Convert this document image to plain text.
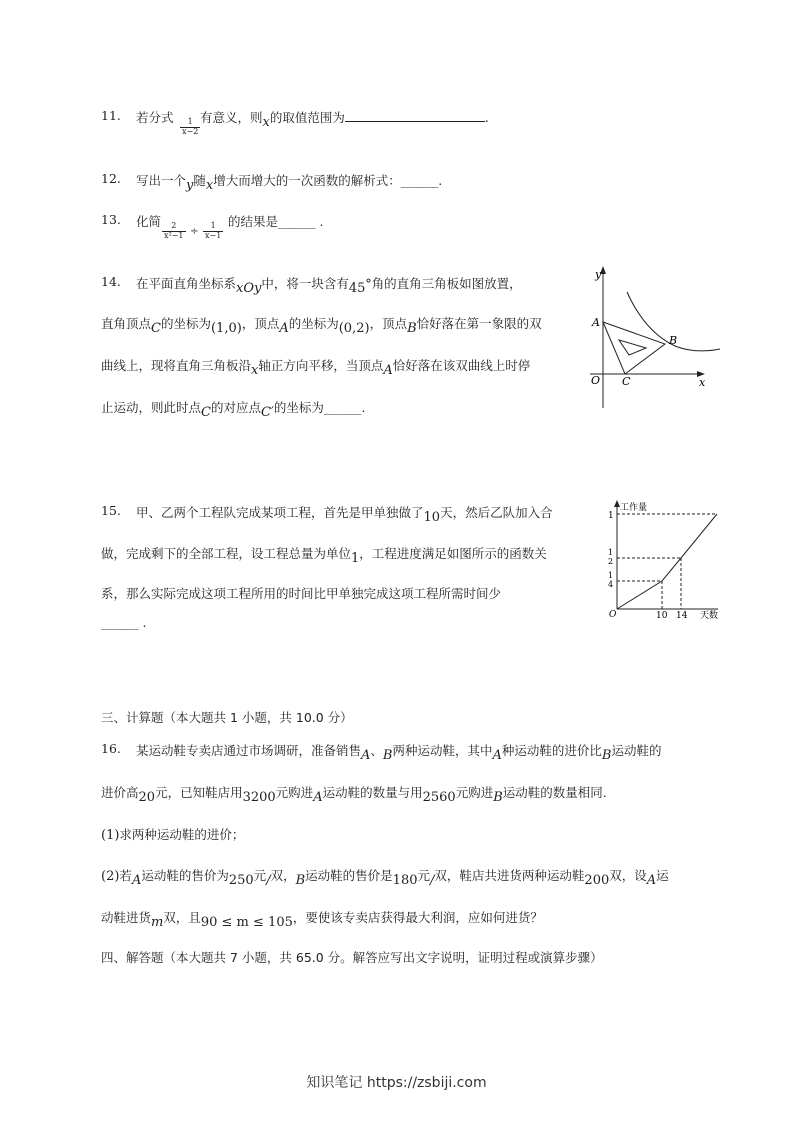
11. 若分式
$\frac{1}{x-2}$
有意义，则x的取值范围为	.
12. 写出一个y随x增大而增大的一次函数的解析式：______.
13. 化简
$\frac{2}{\text{x²−1}} \div \frac{1}{x-1}$
的结果是______ .
14. 在平面直角坐标系xOy中，将一块含有45°角的直角三角板如图放置，
直角顶点C的坐标为(1,0)，顶点A的坐标为(0,2)，顶点B恰好落在第一象限的双
曲线上，现将直角三角板沿x轴正方向平移，当顶点A恰好落在该双曲线上时停
止运动，则此时点C的对应点C′的坐标为______.
y
x
O
A
B
C
15. 甲、乙两个工程队完成某项工程，首先是甲单独做了10天，然后乙队加入合
做，完成剩下的全部工程，设工程总量为单位1，工程进度满足如图所示的函数关
系，那么实际完成这项工程所用的时间比甲单独完成这项工程所需时间少
______ .
工作量
1
1
2
1
4
O	10 14 天数
三、计算题（本大题共 1 小题，共 10.0 分）
16. 某运动鞋专卖店通过市场调研，准备销售A、B两种运动鞋，其中A种运动鞋的进价比B运动鞋的
进价高20元，已知鞋店用3200元购进A运动鞋的数量与用2560元购进B运动鞋的数量相同.
(1)求两种运动鞋的进价；
(2)若A运动鞋的售价为250元/双，B运动鞋的售价是180元/双，鞋店共进货两种运动鞋200双，设A运
动鞋进货m双，且90 ≤ m ≤ 105，要使该专卖店获得最大利润，应如何进货？
四、解答题（本大题共 7 小题，共 65.0 分。解答应写出文字说明，证明过程或演算步骤）
知识笔记 https://zsbiji.com
